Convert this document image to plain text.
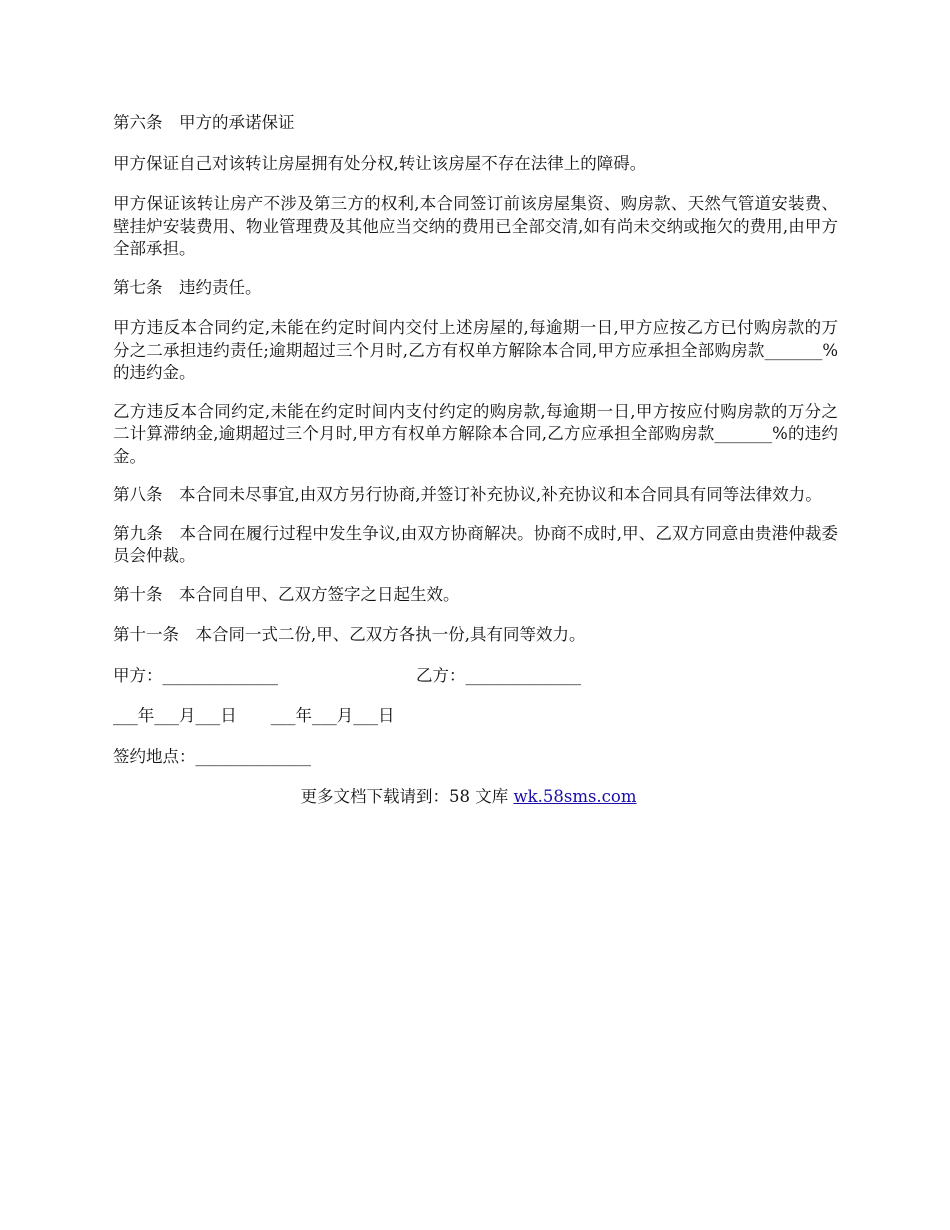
第六条　甲方的承诺保证

甲方保证自己对该转让房屋拥有处分权,转让该房屋不存在法律上的障碍。

甲方保证该转让房产不涉及第三方的权利,本合同签订前该房屋集资、购房款、天然气管道安装费、壁挂炉安装费用、物业管理费及其他应当交纳的费用已全部交清,如有尚未交纳或拖欠的费用,由甲方全部承担。

第七条　违约责任。

甲方违反本合同约定,未能在约定时间内交付上述房屋的,每逾期一日,甲方应按乙方已付购房款的万分之二承担违约责任;逾期超过三个月时,乙方有权单方解除本合同,甲方应承担全部购房款_______%的违约金。

乙方违反本合同约定,未能在约定时间内支付约定的购房款,每逾期一日,甲方按应付购房款的万分之二计算滞纳金,逾期超过三个月时,甲方有权单方解除本合同,乙方应承担全部购房款_______%的违约金。

第八条　本合同未尽事宜,由双方另行协商,并签订补充协议,补充协议和本合同具有同等法律效力。

第九条　本合同在履行过程中发生争议,由双方协商解决。协商不成时,甲、乙双方同意由贵港仲裁委员会仲裁。

第十条　本合同自甲、乙双方签字之日起生效。

第十一条　本合同一式二份,甲、乙双方各执一份,具有同等效力。

甲方：______________	乙方：______________
___年___月___日 ___年___月___日
签约地点：______________
更多文档下载请到：58 文库 wk.58sms.com
